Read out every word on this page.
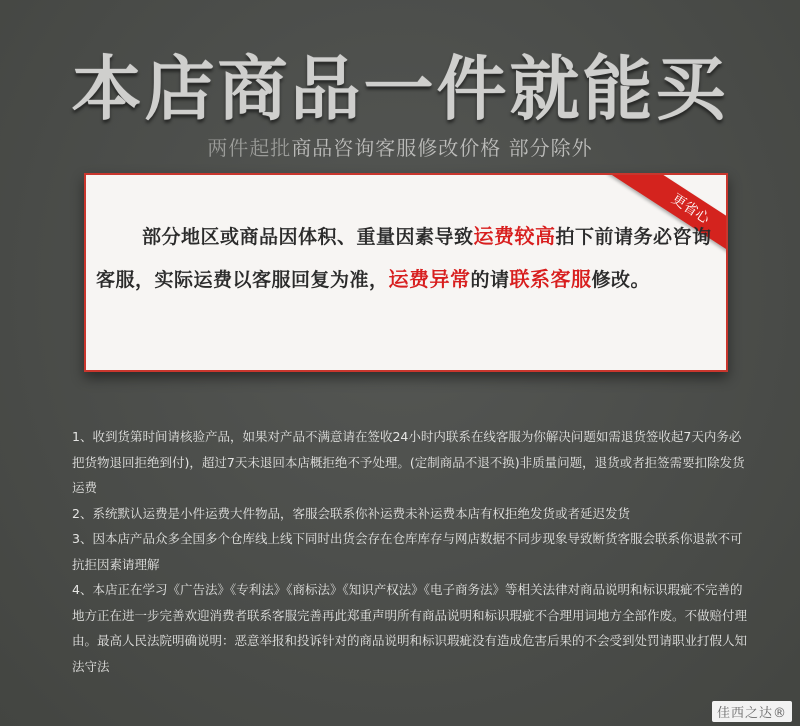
本店商品一件就能买
两件起批商品咨询客服修改价格 部分除外
更省心
部分地区或商品因体积、重量因素导致运费较高拍下前请务必咨询客服，实际运费以客服回复为准，运费异常的请联系客服修改。

1、收到货第时间请核验产品，如果对产品不满意请在签收24小时内联系在线客服为你解决问题如需退货签收起7天内务必把货物退回拒绝到付)，超过7天未退回本店概拒绝不予处理。(定制商品不退不换)非质量问题，退货或者拒签需要扣除发货运费

2、系统默认运费是小件运费大件物品，客服会联系你补运费未补运费本店有权拒绝发货或者延迟发货

3、因本店产品众多全国多个仓库线上线下同时出货会存在仓库库存与网店数据不同步现象导致断货客服会联系你退款不可抗拒因素请理解

4、本店正在学习《广告法》《专利法》《商标法》《知识产权法》《电子商务法》等相关法律对商品说明和标识瑕疵不完善的地方正在进一步完善欢迎消费者联系客服完善再此郑重声明所有商品说明和标识瑕疵不合理用词地方全部作废。不做赔付理由。最高人民法院明确说明：恶意举报和投诉针对的商品说明和标识瑕疵没有造成危害后果的不会受到处罚请职业打假人知法守法

佳西之达®
